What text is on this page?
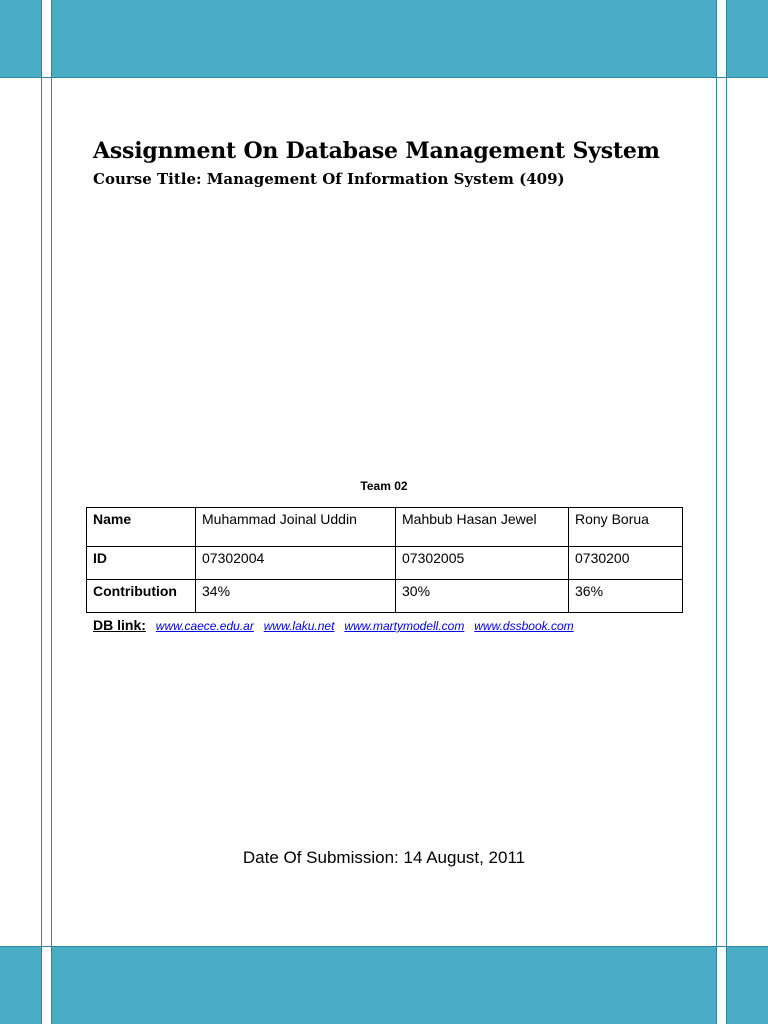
Assignment On Database Management System
Course Title: Management Of Information System (409)
Team 02
Name	Muhammad Joinal Uddin	Mahbub Hasan Jewel	Rony Borua
ID	07302004	07302005	0730200
Contribution	34%	30%	36%
DB link: www.caece.edu.ar www.laku.net www.martymodell.com www.dssbook.com
Date Of Submission: 14 August, 2011
